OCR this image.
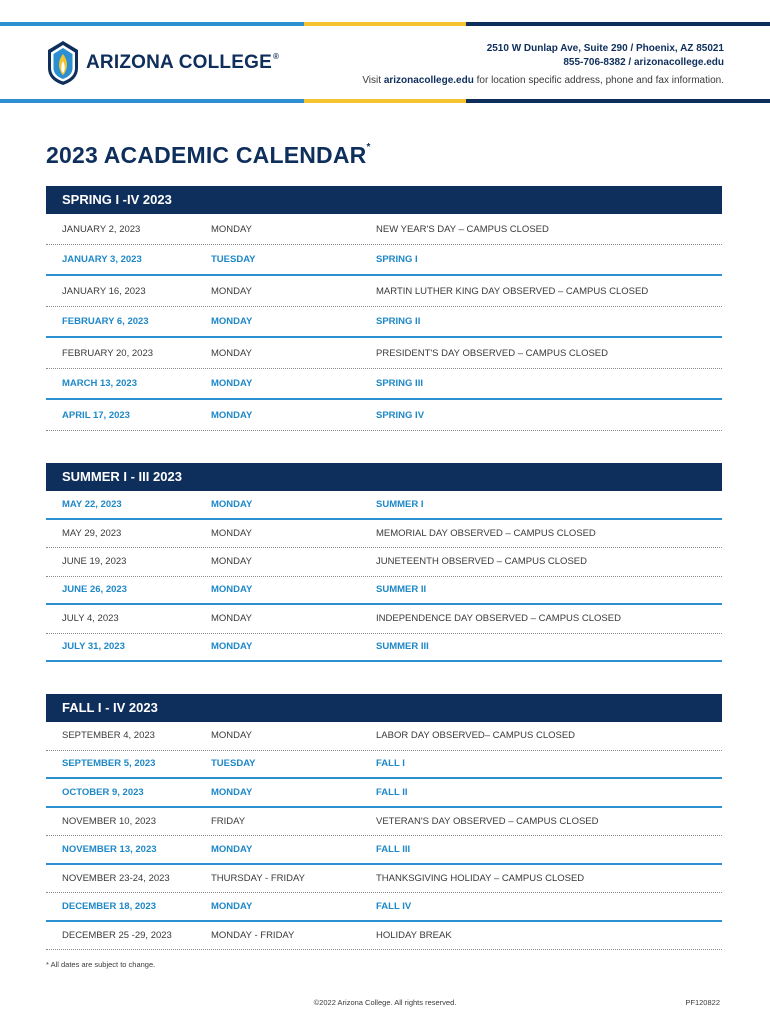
ARIZONA COLLEGE®
2510 W Dunlap Ave, Suite 290 / Phoenix, AZ 85021
855-706-8382 / arizonacollege.edu
Visit arizonacollege.edu for location specific address, phone and fax information.
2023 ACADEMIC CALENDAR*
SPRING I -IV 2023
JANUARY 2, 2023	MONDAY	NEW YEAR'S DAY – CAMPUS CLOSED
JANUARY 3, 2023	TUESDAY	SPRING I
JANUARY 16, 2023	MONDAY	MARTIN LUTHER KING DAY OBSERVED – CAMPUS CLOSED
FEBRUARY 6, 2023	MONDAY	SPRING II
FEBRUARY 20, 2023	MONDAY	PRESIDENT'S DAY OBSERVED – CAMPUS CLOSED
MARCH 13, 2023	MONDAY	SPRING III
APRIL 17, 2023	MONDAY	SPRING IV
SUMMER I - III 2023
MAY 22, 2023	MONDAY	SUMMER I
MAY 29, 2023	MONDAY	MEMORIAL DAY OBSERVED – CAMPUS CLOSED
JUNE 19, 2023	MONDAY	JUNETEENTH OBSERVED – CAMPUS CLOSED
JUNE 26, 2023	MONDAY	SUMMER II
JULY 4, 2023	MONDAY	INDEPENDENCE DAY OBSERVED – CAMPUS CLOSED
JULY 31, 2023	MONDAY	SUMMER III
FALL I - IV 2023
SEPTEMBER 4, 2023	MONDAY	LABOR DAY OBSERVED– CAMPUS CLOSED
SEPTEMBER 5, 2023	TUESDAY	FALL I
OCTOBER 9, 2023	MONDAY	FALL II
NOVEMBER 10, 2023	FRIDAY	VETERAN'S DAY OBSERVED – CAMPUS CLOSED
NOVEMBER 13, 2023	MONDAY	FALL III
NOVEMBER 23-24, 2023	THURSDAY - FRIDAY	THANKSGIVING HOLIDAY – CAMPUS CLOSED
DECEMBER 18, 2023	MONDAY	FALL IV
DECEMBER 25 -29, 2023	MONDAY - FRIDAY	HOLIDAY BREAK
* All dates are subject to change.
©2022 Arizona College. All rights reserved.	PF120822
